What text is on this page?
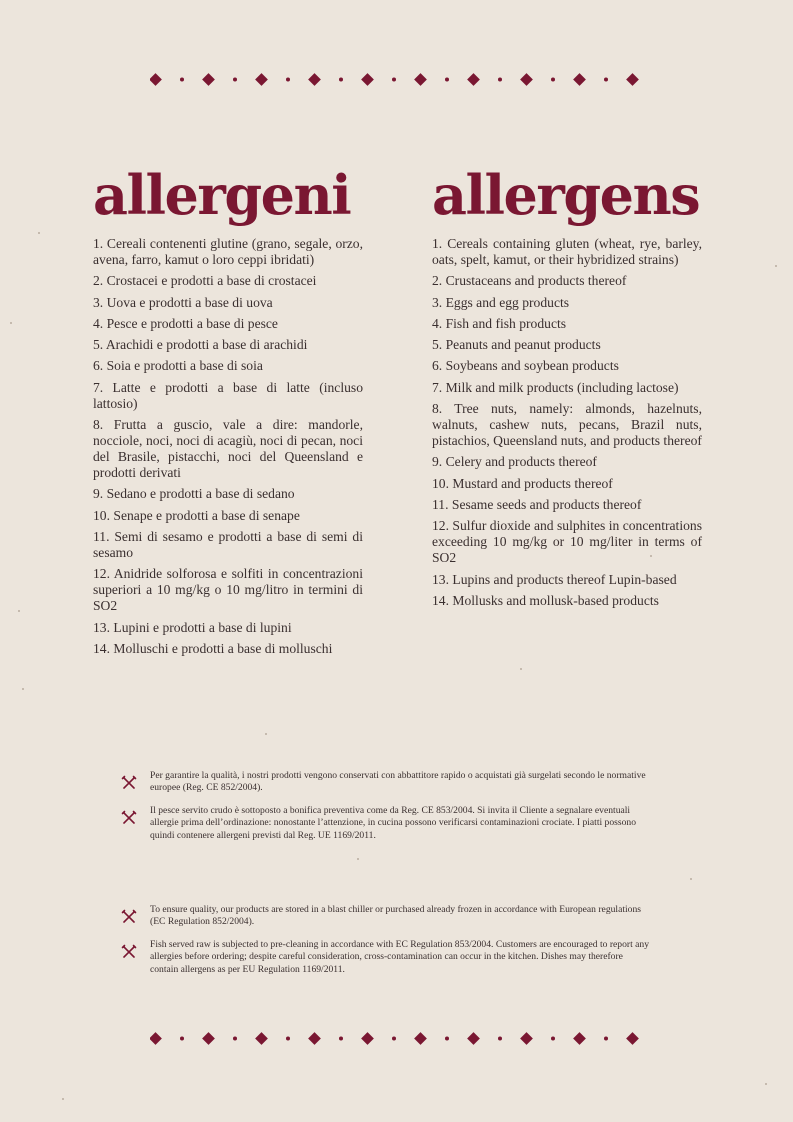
allergeni allergens
1. Cereali contenenti glutine (grano, segale, orzo, avena, farro, kamut o loro ceppi ibridati)
2. Crostacei e prodotti a base di crostacei
3. Uova e prodotti a base di uova
4. Pesce e prodotti a base di pesce
5. Arachidi e prodotti a base di arachidi
6. Soia e prodotti a base di soia
7. Latte e prodotti a base di latte (incluso lattosio)
8. Frutta a guscio, vale a dire: mandorle, nocciole, noci, noci di acagiù, noci di pecan, noci del Brasile, pistacchi, noci del Queensland e prodotti derivati
9. Sedano e prodotti a base di sedano
10. Senape e prodotti a base di senape
11. Semi di sesamo e prodotti a base di semi di sesamo
12. Anidride solforosa e solfiti in concentrazioni superiori a 10 mg/kg o 10 mg/litro in termini di SO2
13. Lupini e prodotti a base di lupini
14. Molluschi e prodotti a base di molluschi
1. Cereals containing gluten (wheat, rye, barley, oats, spelt, kamut, or their hybridized strains)
2. Crustaceans and products thereof
3. Eggs and egg products
4. Fish and fish products
5. Peanuts and peanut products
6. Soybeans and soybean products
7. Milk and milk products (including lactose)
8. Tree nuts, namely: almonds, hazelnuts, walnuts, cashew nuts, pecans, Brazil nuts, pistachios, Queensland nuts, and products thereof
9. Celery and products thereof
10. Mustard and products thereof
11. Sesame seeds and products thereof
12. Sulfur dioxide and sulphites in concentrations exceeding 10 mg/kg or 10 mg/liter in terms of SO2
13. Lupins and products thereof Lupin-based
14. Mollusks and mollusk-based products

Per garantire la qualità, i nostri prodotti vengono conservati con abbattitore rapido o acquistati già surgelati secondo le normative europee (Reg. CE 852/2004).

Il pesce servito crudo è sottoposto a bonifica preventiva come da Reg. CE 853/2004. Si invita il Cliente a segnalare eventuali allergie prima dell’ordinazione: nonostante l’attenzione, in cucina possono verificarsi contaminazioni crociate. I piatti possono quindi contenere allergeni previsti dal Reg. UE 1169/2011.

To ensure quality, our products are stored in a blast chiller or purchased already frozen in accordance with European regulations (EC Regulation 852/2004).

Fish served raw is subjected to pre-cleaning in accordance with EC Regulation 853/2004. Customers are encouraged to report any allergies before ordering; despite careful consideration, cross-contamination can occur in the kitchen. Dishes may therefore contain allergens as per EU Regulation 1169/2011.
